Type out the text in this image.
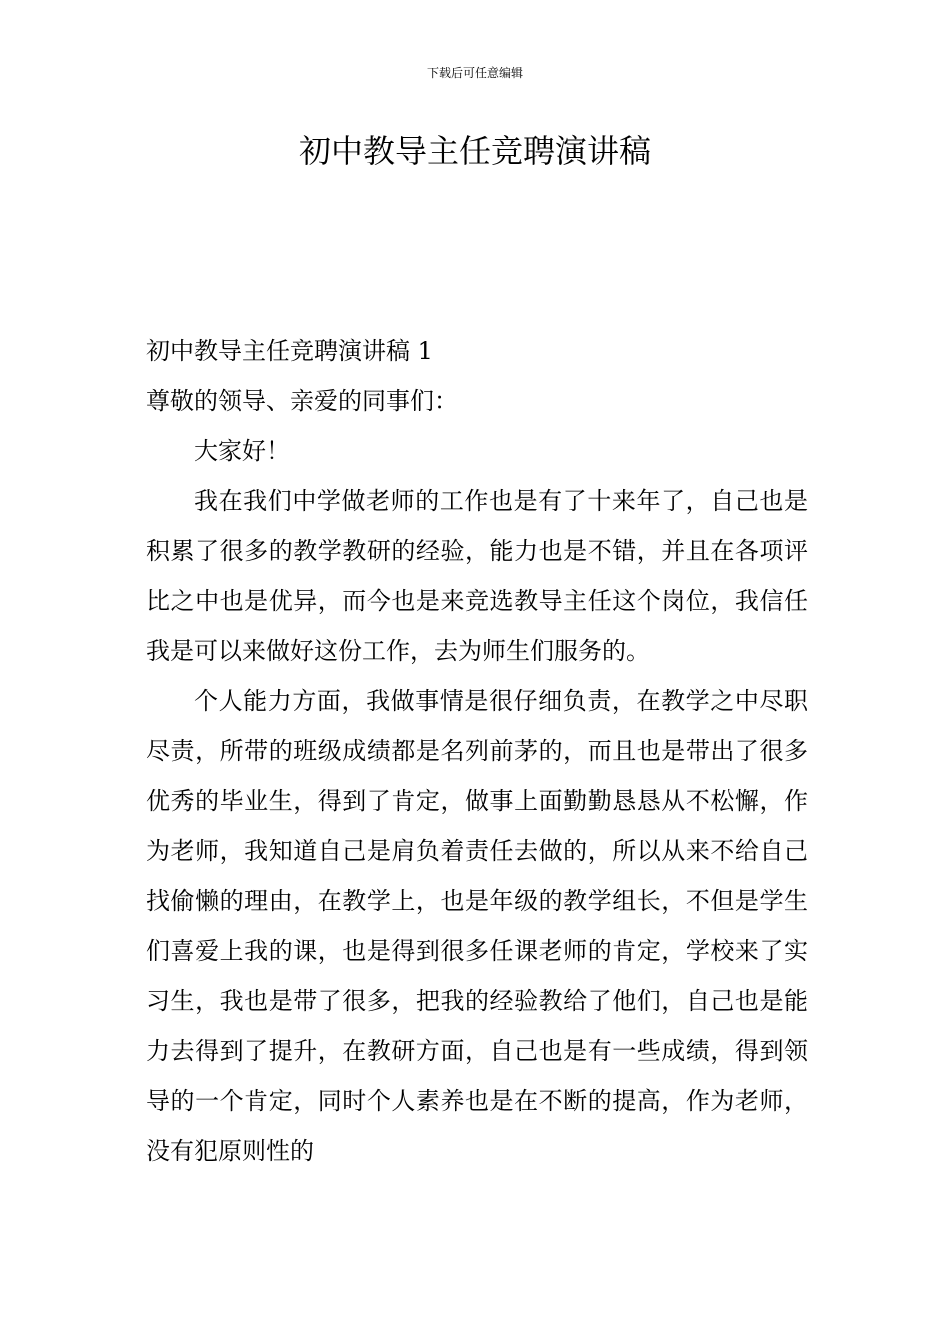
下载后可任意编辑
初中教导主任竞聘演讲稿

初中教导主任竞聘演讲稿 1

尊敬的领导、亲爱的同事们：

大家好！

我在我们中学做老师的工作也是有了十来年了，自己也是积累了很多的教学教研的经验，能力也是不错，并且在各项评比之中也是优异，而今也是来竞选教导主任这个岗位，我信任我是可以来做好这份工作，去为师生们服务的。

个人能力方面，我做事情是很仔细负责，在教学之中尽职尽责，所带的班级成绩都是名列前茅的，而且也是带出了很多优秀的毕业生，得到了肯定，做事上面勤勤恳恳从不松懈，作为老师，我知道自己是肩负着责任去做的，所以从来不给自己找偷懒的理由，在教学上，也是年级的教学组长，不但是学生们喜爱上我的课，也是得到很多任课老师的肯定，学校来了实习生，我也是带了很多，把我的经验教给了他们，自己也是能力去得到了提升，在教研方面，自己也是有一些成绩，得到领导的一个肯定，同时个人素养也是在不断的提高，作为老师，没有犯原则性的
